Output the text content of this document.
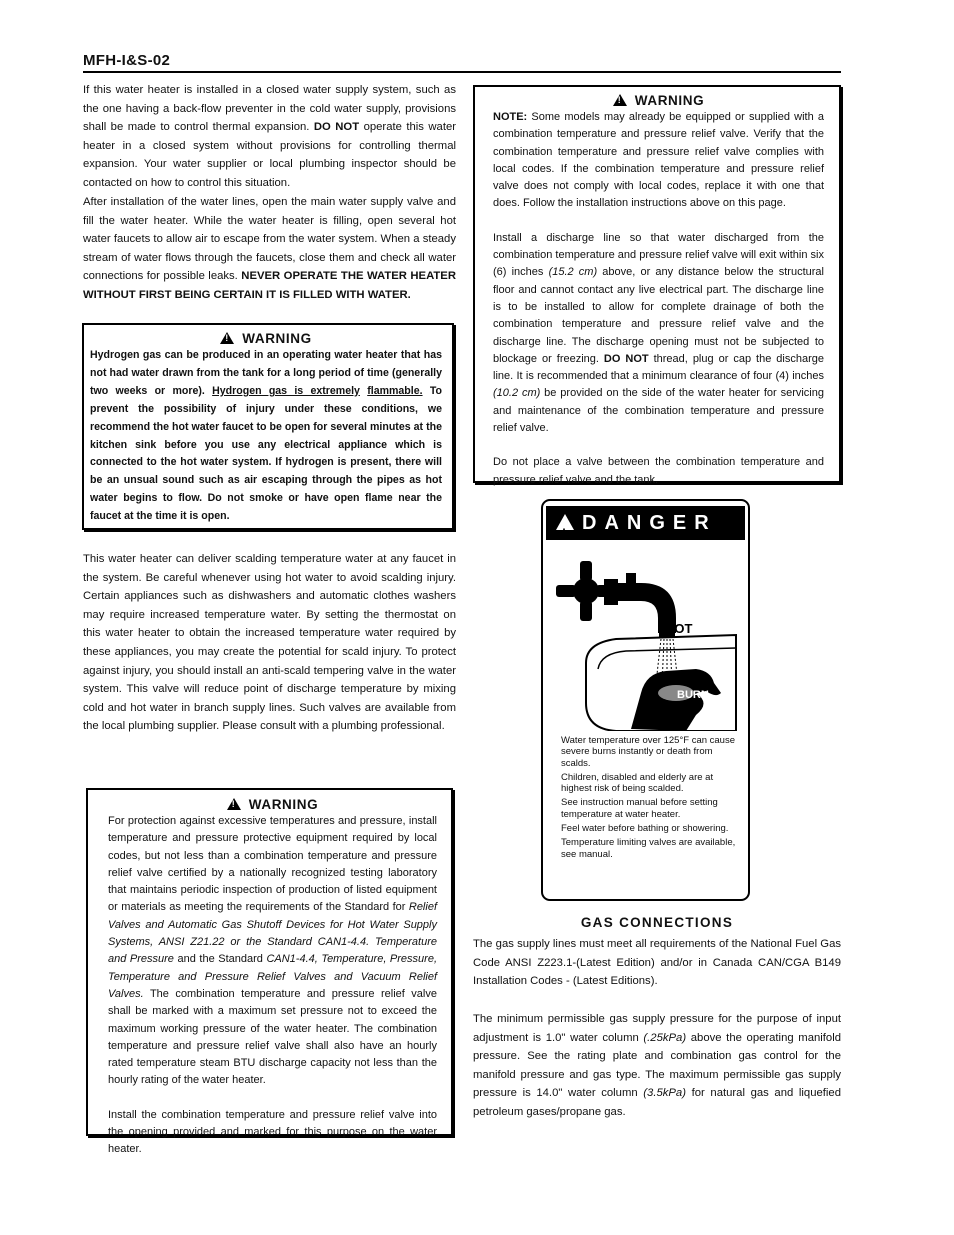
MFH-I&S-02

If this water heater is installed in a closed water supply system, such as the one having a back-flow preventer in the cold water supply, provisions shall be made to control thermal expansion. DO NOT operate this water heater in a closed system without provisions for controlling thermal expansion. Your water supplier or local plumbing inspector should be contacted on how to control this situation.

After installation of the water lines, open the main water supply valve and fill the water heater. While the water heater is filling, open several hot water faucets to allow air to escape from the water system. When a steady stream of water flows through the faucets, close them and check all water connections for possible leaks. NEVER OPERATE THE WATER HEATER WITHOUT FIRST BEING CERTAIN IT IS FILLED WITH WATER.

!WARNING

Hydrogen gas can be produced in an operating water heater that has not had water drawn from the tank for a long period of time (generally two weeks or more). Hydrogen gas is extremely flammable. To prevent the possibility of injury under these conditions, we recommend the hot water faucet to be open for several minutes at the kitchen sink before you use any electrical appliance which is connected to the hot water system. If hydrogen is present, there will be an unsual sound such as air escaping through the pipes as hot water begins to flow. Do not smoke or have open flame near the faucet at the time it is open.

This water heater can deliver scalding temperature water at any faucet in the system. Be careful whenever using hot water to avoid scalding injury. Certain appliances such as dishwashers and automatic clothes washers may require increased temperature water. By setting the thermostat on this water heater to obtain the increased temperature water required by these appliances, you may create the potential for scald injury. To protect against injury, you should install an anti-scald tempering valve in the water system. This valve will reduce point of discharge temperature by mixing cold and hot water in branch supply lines. Such valves are available from the local plumbing supplier. Please consult with a plumbing professional.

!WARNING

For protection against excessive temperatures and pressure, install temperature and pressure protective equipment required by local codes, but not less than a combination temperature and pressure relief valve certified by a nationally recognized testing laboratory that maintains periodic inspection of production of listed equipment or materials as meeting the requirements of the Standard for Relief Valves and Automatic Gas Shutoff Devices for Hot Water Supply Systems, ANSI Z21.22 or the Standard CAN1-4.4. Temperature and Pressure and the Standard CAN1-4.4, Temperature, Pressure, Temperature and Pressure Relief Valves and Vacuum Relief Valves. The combination temperature and pressure relief valve shall be marked with a maximum set pressure not to exceed the maximum working pressure of the water heater. The combination temperature and pressure relief valve shall also have an hourly rated temperature steam BTU discharge capacity not less than the hourly rating of the water heater.

Install the combination temperature and pressure relief valve into the opening provided and marked for this purpose on the water heater.

!WARNING

NOTE: Some models may already be equipped or supplied with a combination temperature and pressure relief valve. Verify that the combination temperature and pressure relief valve complies with local codes. If the combination temperature and pressure relief valve does not comply with local codes, replace it with one that does. Follow the installation instructions above on this page.

Install a discharge line so that water discharged from the combination temperature and pressure relief valve will exit within six (6) inches (15.2 cm) above, or any distance below the structural floor and cannot contact any live electrical part. The discharge line is to be installed to allow for complete drainage of both the combination temperature and pressure relief valve and the discharge line. The discharge opening must not be subjected to blockage or freezing. DO NOT thread, plug or cap the discharge line. It is recommended that a minimum clearance of four (4) inches (10.2 cm) be provided on the side of the water heater for servicing and maintenance of the combination temperature and pressure relief valve.

Do not place a valve between the combination temperature and pressure relief valve and the tank.

!DANGER
HOT
BURN

Water temperature over 125°F can cause severe burns instantly or death from scalds.

Children, disabled and elderly are at highest risk of being scalded.

See instruction manual before setting temperature at water heater.

Feel water before bathing or showering.

Temperature limiting valves are available, see manual.

GAS CONNECTIONS

The gas supply lines must meet all requirements of the National Fuel Gas Code ANSI Z223.1-(Latest Edition) and/or in Canada CAN/CGA B149 Installation Codes - (Latest Editions).

The minimum permissible gas supply pressure for the purpose of input adjustment is 1.0" water column (.25kPa) above the operating manifold pressure. See the rating plate and combination gas control for the manifold pressure and gas type. The maximum permissible gas supply pressure is 14.0" water column (3.5kPa) for natural gas and liquefied petroleum gases/propane gas.
